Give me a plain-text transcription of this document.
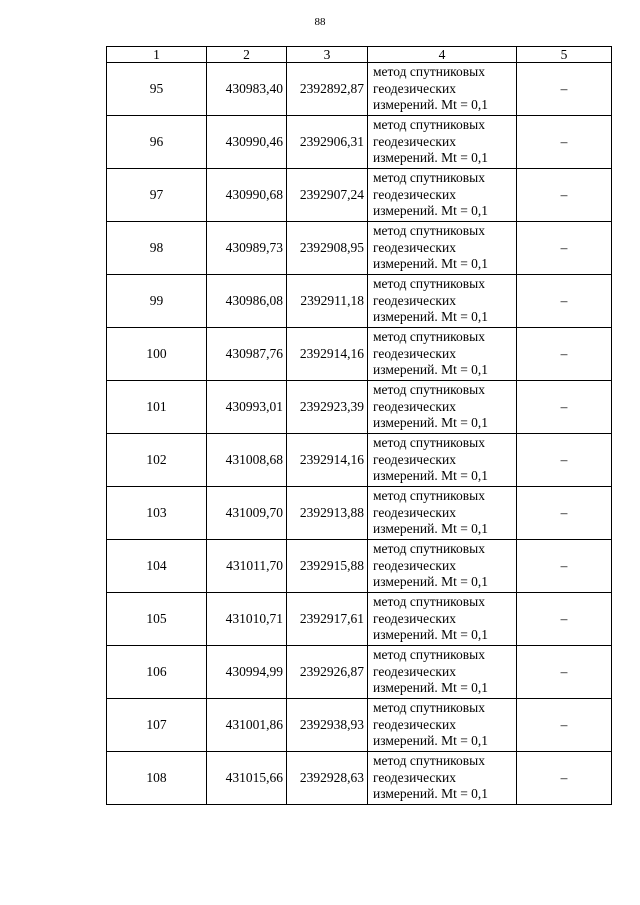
88
1	2	3	4	5
95	430983,40	2392892,87	метод спутниковых
геодезических
измерений. Mt = 0,1	–
96	430990,46	2392906,31	метод спутниковых
геодезических
измерений. Mt = 0,1	–
97	430990,68	2392907,24	метод спутниковых
геодезических
измерений. Mt = 0,1	–
98	430989,73	2392908,95	метод спутниковых
геодезических
измерений. Mt = 0,1	–
99	430986,08	2392911,18	метод спутниковых
геодезических
измерений. Mt = 0,1	–
100	430987,76	2392914,16	метод спутниковых
геодезических
измерений. Mt = 0,1	–
101	430993,01	2392923,39	метод спутниковых
геодезических
измерений. Mt = 0,1	–
102	431008,68	2392914,16	метод спутниковых
геодезических
измерений. Mt = 0,1	–
103	431009,70	2392913,88	метод спутниковых
геодезических
измерений. Mt = 0,1	–
104	431011,70	2392915,88	метод спутниковых
геодезических
измерений. Mt = 0,1	–
105	431010,71	2392917,61	метод спутниковых
геодезических
измерений. Mt = 0,1	–
106	430994,99	2392926,87	метод спутниковых
геодезических
измерений. Mt = 0,1	–
107	431001,86	2392938,93	метод спутниковых
геодезических
измерений. Mt = 0,1	–
108	431015,66	2392928,63	метод спутниковых
геодезических
измерений. Mt = 0,1	–
